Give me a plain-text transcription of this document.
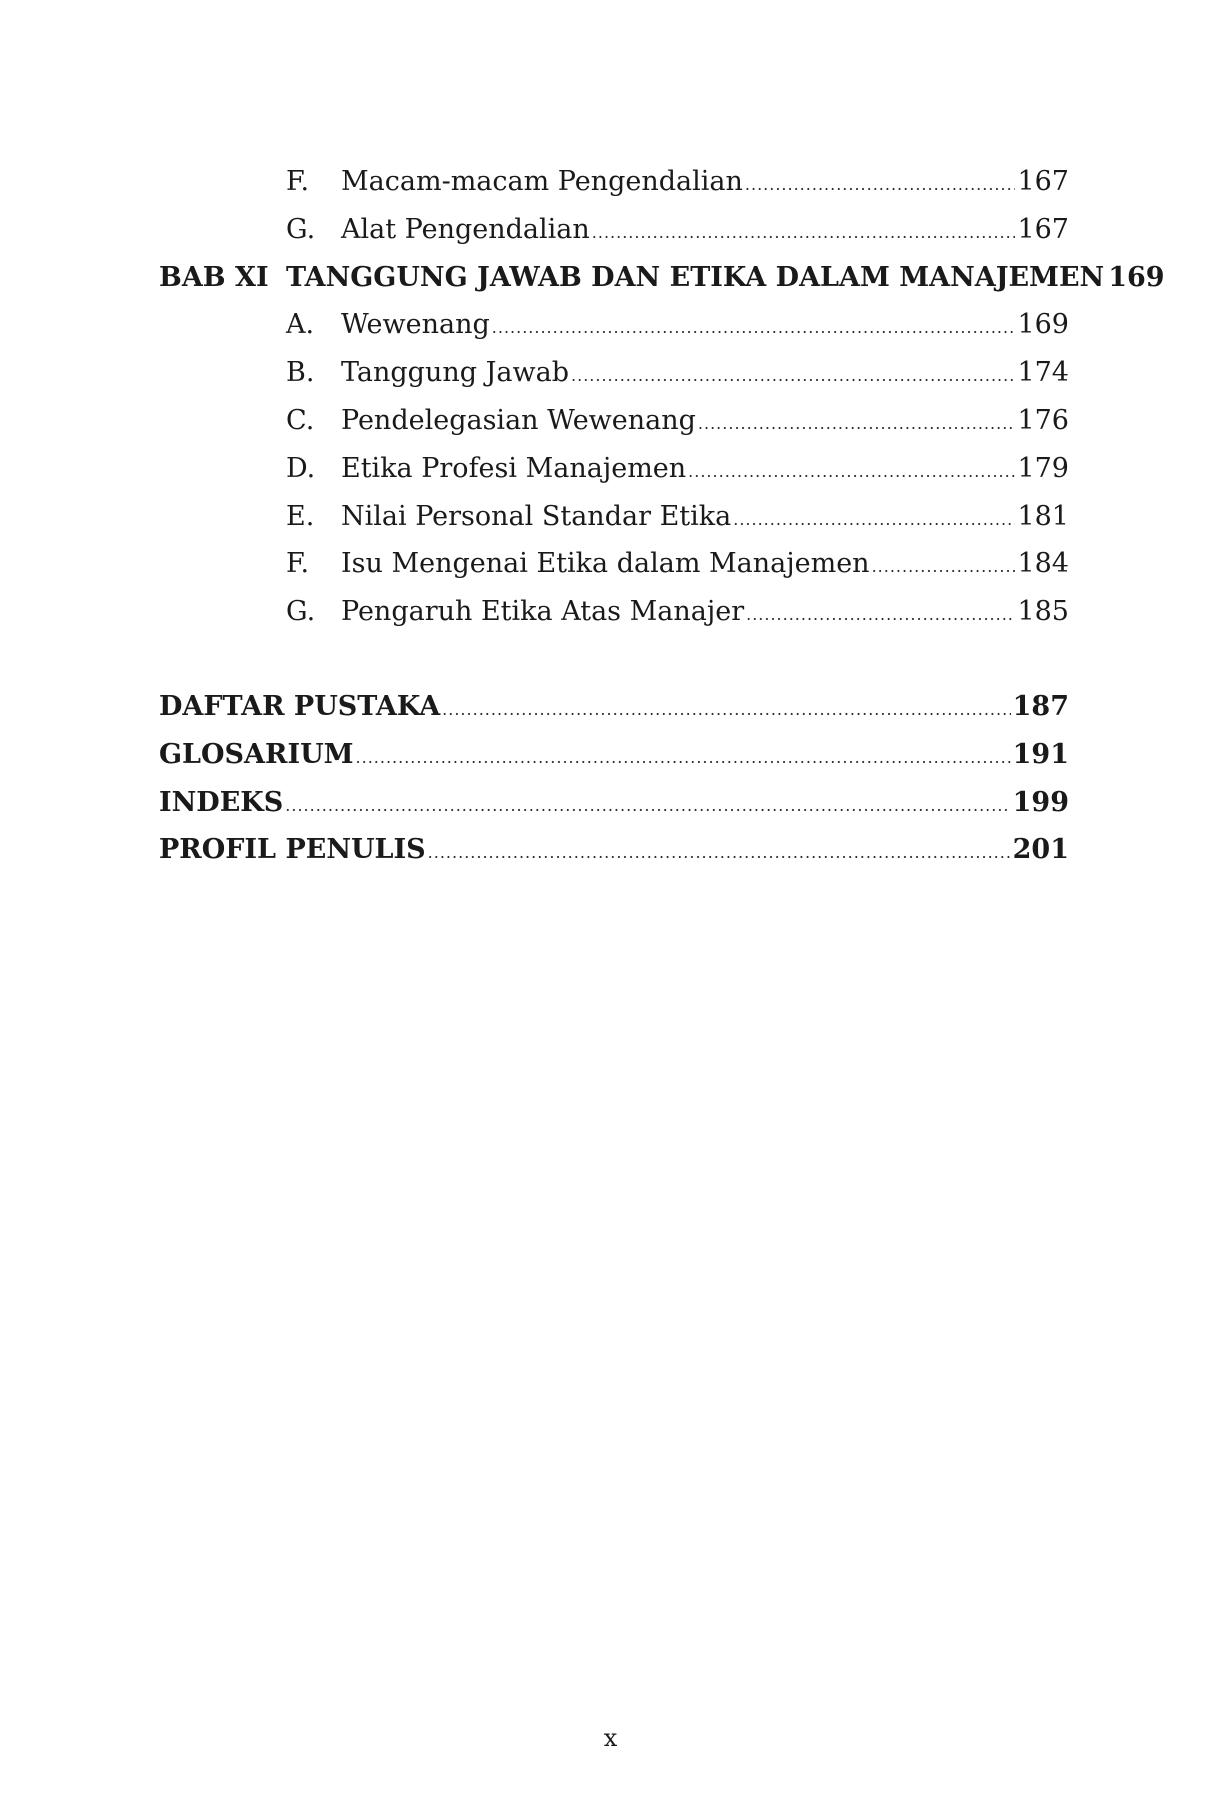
F.	Macam-macam Pengendalian .....	167
G. Alat Pengendalian .....	167
BAB XI TANGGUNG JAWAB DAN ETIKA DALAM MANAJEMEN 169
A. Wewenang .....	169
B. Tanggung Jawab .....	174
C. Pendelegasian Wewenang .....	176
D. Etika Profesi Manajemen .....	179
E. Nilai Personal Standar Etika .....	181
F.	Isu Mengenai Etika dalam Manajemen .....	184
G. Pengaruh Etika Atas Manajer .....	185
DAFTAR PUSTAKA .....	187
GLOSARIUM .....	191
INDEKS .....	199
PROFIL PENULIS .....	201
x
